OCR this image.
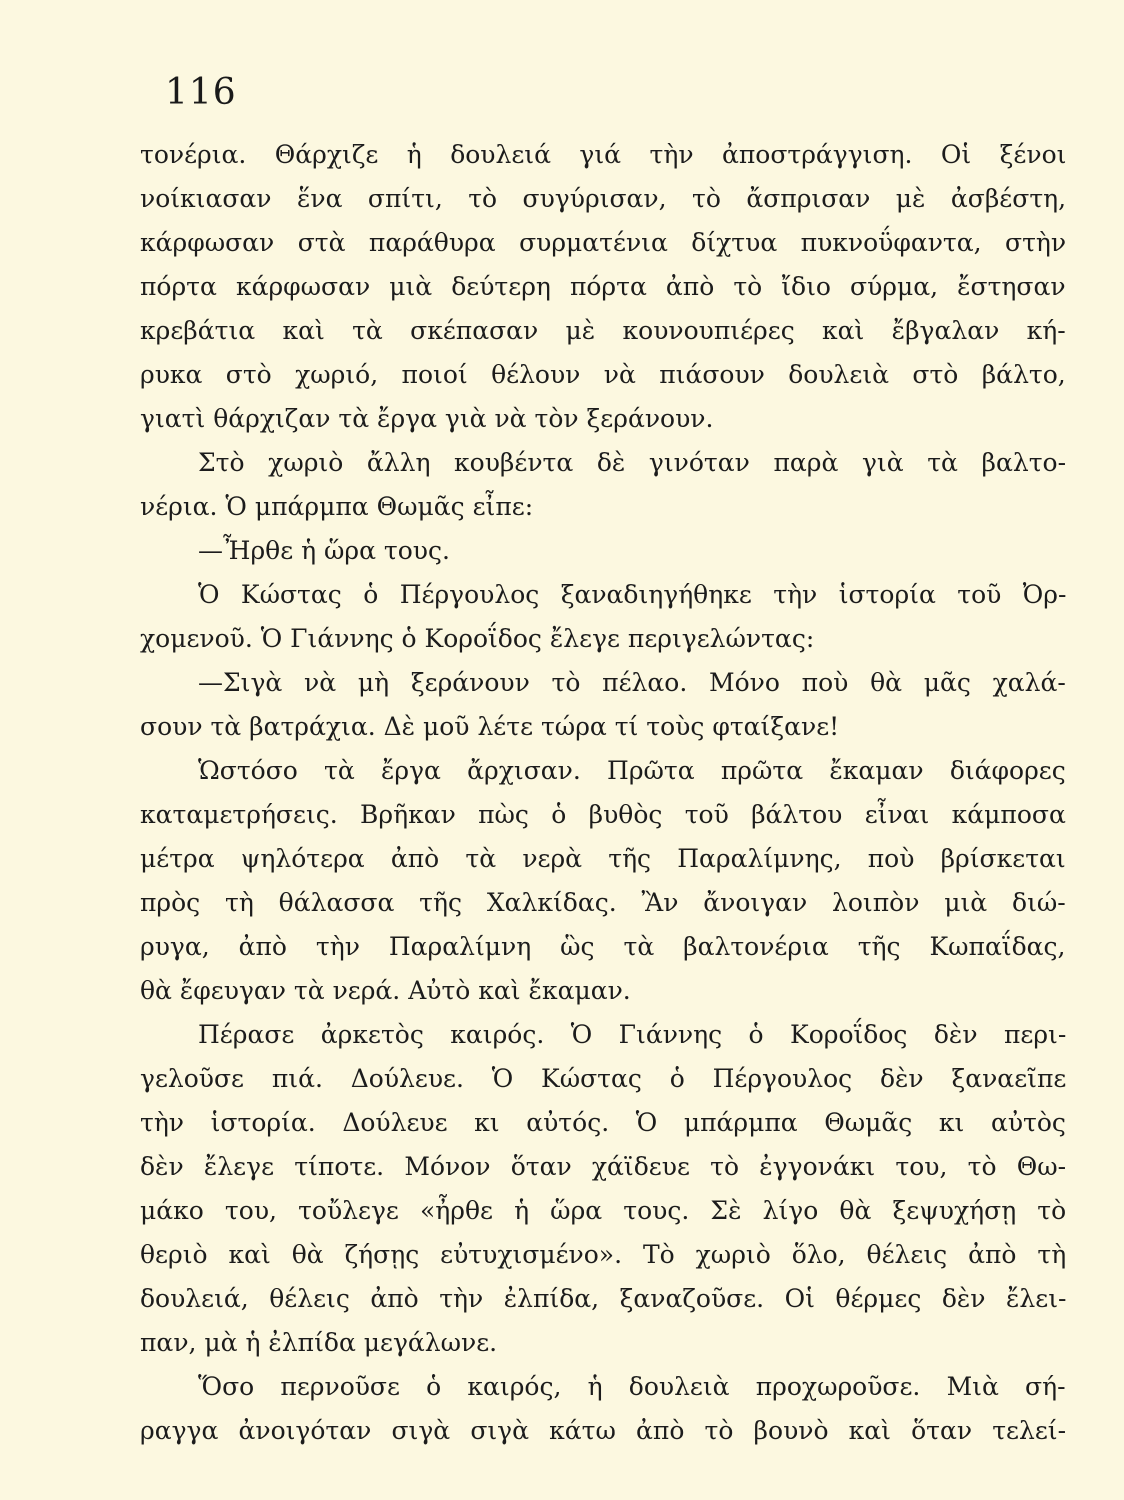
116
τονέρια. Θάρχιζε ἡ δουλειά γιά τὴν ἀποστράγγιση. Οἱ ξένοι
νοίκιασαν ἕνα σπίτι, τὸ συγύρισαν, τὸ ἄσπρισαν μὲ ἀσβέστη,
κάρφωσαν στὰ παράθυρα συρματένια δίχτυα πυκνοΰφαντα, στὴν
πόρτα κάρφωσαν μιὰ δεύτερη πόρτα ἀπὸ τὸ ἴδιο σύρμα, ἔστησαν
κρεβάτια καὶ τὰ σκέπασαν μὲ κουνουπιέρες καὶ ἔβγαλαν κή-
ρυκα στὸ χωριό, ποιοί θέλουν νὰ πιάσουν δουλειὰ στὸ βάλτο,
γιατὶ θάρχιζαν τὰ ἔργα γιὰ νὰ τὸν ξεράνουν.
Στὸ χωριὸ ἄλλη κουβέντα δὲ γινόταν παρὰ γιὰ τὰ βαλτο-
νέρια. Ὁ μπάρμπα Θωμᾶς εἶπε:
—Ἦρθε ἡ ὥρα τους.
Ὁ Κώστας ὁ Πέργουλος ξαναδιηγήθηκε τὴν ἱστορία τοῦ Ὀρ-
χομενοῦ. Ὁ Γιάννης ὁ Κοροΐδος ἔλεγε περιγελώντας:
—Σιγὰ νὰ μὴ ξεράνουν τὸ πέλαο. Μόνο ποὺ θὰ μᾶς χαλά-
σουν τὰ βατράχια. Δὲ μοῦ λέτε τώρα τί τοὺς φταίξανε!
Ὡστόσο τὰ ἔργα ἄρχισαν. Πρῶτα πρῶτα ἔκαμαν διάφορες
καταμετρήσεις. Βρῆκαν πὼς ὁ βυθὸς τοῦ βάλτου εἶναι κάμποσα
μέτρα ψηλότερα ἀπὸ τὰ νερὰ τῆς Παραλίμνης, ποὺ βρίσκεται
πρὸς τὴ θάλασσα τῆς Χαλκίδας. Ἂν ἄνοιγαν λοιπὸν μιὰ διώ-
ρυγα, ἀπὸ τὴν Παραλίμνη ὣς τὰ βαλτονέρια τῆς Κωπαΐδας,
θὰ ἔφευγαν τὰ νερά. Αὐτὸ καὶ ἔκαμαν.
Πέρασε ἀρκετὸς καιρός. Ὁ Γιάννης ὁ Κοροΐδος δὲν περι-
γελοῦσε πιά. Δούλευε. Ὁ Κώστας ὁ Πέργουλος δὲν ξαναεῖπε
τὴν ἱστορία. Δούλευε κι αὐτός. Ὁ μπάρμπα Θωμᾶς κι αὐτὸς
δὲν ἔλεγε τίποτε. Μόνον ὅταν χάϊδευε τὸ ἐγγονάκι του, τὸ Θω-
μάκο του, τοὔλεγε «ἦρθε ἡ ὥρα τους. Σὲ λίγο θὰ ξεψυχήσῃ τὸ
θεριὸ καὶ θὰ ζήσῃς εὐτυχισμένο». Τὸ χωριὸ ὅλο, θέλεις ἀπὸ τὴ
δουλειά, θέλεις ἀπὸ τὴν ἐλπίδα, ξαναζοῦσε. Οἱ θέρμες δὲν ἔλει-
παν, μὰ ἡ ἐλπίδα μεγάλωνε.
Ὅσο περνοῦσε ὁ καιρός, ἡ δουλειὰ προχωροῦσε. Μιὰ σή-
ραγγα ἀνοιγόταν σιγὰ σιγὰ κάτω ἀπὸ τὸ βουνὸ καὶ ὅταν τελεί-
